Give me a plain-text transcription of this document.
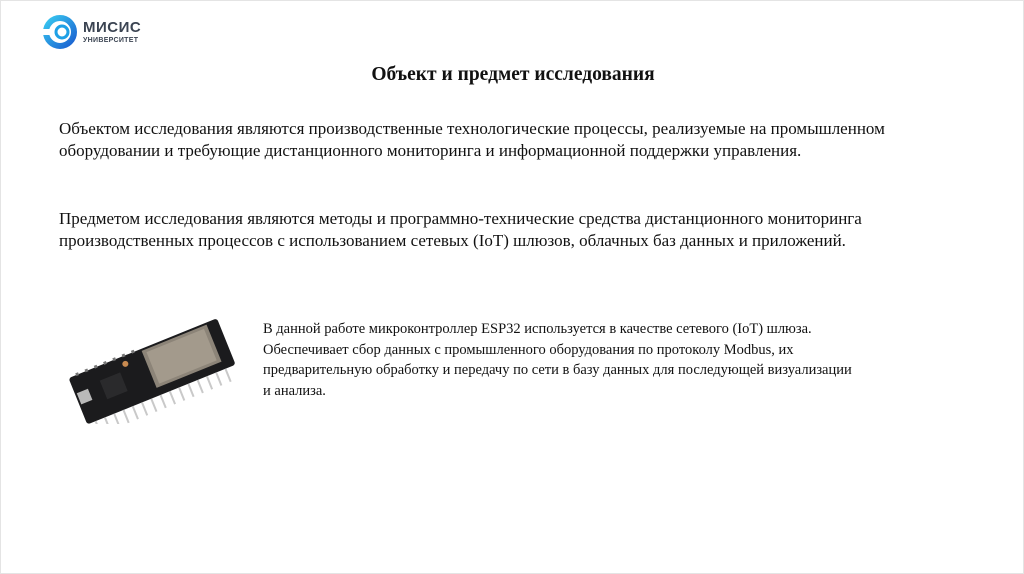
МИСИС
УНИВЕРСИТЕТ
Объект и предмет исследования

Объектом исследования являются производственные технологические процессы, реализуемые на промышленном оборудовании и требующие дистанционного мониторинга и информационной поддержки управления.

Предметом исследования являются методы и программно-технические средства дистанционного мониторинга производственных процессов с использованием сетевых (IoT) шлюзов, облачных баз данных и приложений.

В данной работе микроконтроллер ESP32 используется в качестве сетевого (IoT) шлюза. Обеспечивает сбор данных с промышленного оборудования по протоколу Modbus, их предварительную обработку и передачу по сети в базу данных для последующей визуализации и анализа.
